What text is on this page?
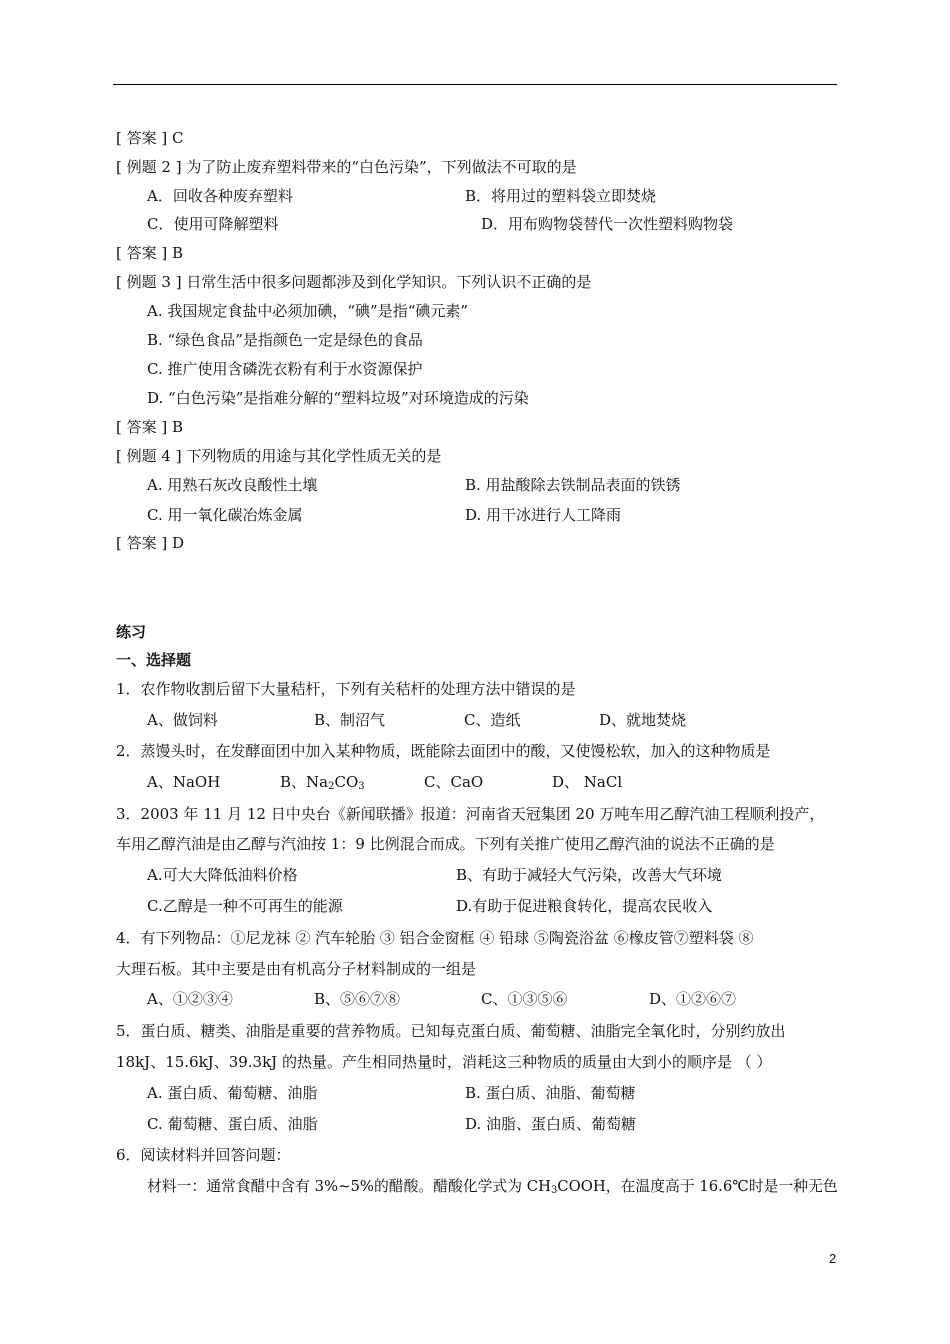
[ 答案 ] C
[ 例题 2 ] 为了防止废弃塑料带来的“白色污染”，下列做法不可取的是
A．回收各种废弃塑料	B．将用过的塑料袋立即焚烧
C．使用可降解塑料	D．用布购物袋替代一次性塑料购物袋
[ 答案 ] B
[ 例题 3 ] 日常生活中很多问题都涉及到化学知识。下列认识不正确的是
A. 我国规定食盐中必须加碘，“碘”是指“碘元素”
B. “绿色食品”是指颜色一定是绿色的食品
C. 推广使用含磷洗衣粉有利于水资源保护
D. “白色污染”是指难分解的“塑料垃圾”对环境造成的污染
[ 答案 ] B
[ 例题 4 ] 下列物质的用途与其化学性质无关的是
A. 用熟石灰改良酸性土壤	B. 用盐酸除去铁制品表面的铁锈
C. 用一氧化碳冶炼金属	D. 用干冰进行人工降雨
[ 答案 ] D
练习
一、选择题
1．农作物收割后留下大量秸杆，下列有关秸杆的处理方法中错误的是
A、做饲料	B、制沼气	C、造纸	D、就地焚烧
2．蒸馒头时，在发酵面团中加入某种物质，既能除去面团中的酸，又使馒松软，加入的这种物质是
A、NaOH	B、$Na_2CO_3$	C、CaO	D、 NaCl
3．2003 年 11 月 12 日中央台《新闻联播》报道：河南省天冠集团 20 万吨车用乙醇汽油工程顺利投产，
车用乙醇汽油是由乙醇与汽油按 1：9 比例混合而成。下列有关推广使用乙醇汽油的说法不正确的是
A.可大大降低油料价格	B、有助于减轻大气污染，改善大气环境
C.乙醇是一种不可再生的能源	D.有助于促进粮食转化，提高农民收入
4．有下列物品：①尼龙袜 ② 汽车轮胎 ③ 铝合金窗框 ④ 铅球 ⑤陶瓷浴盆 ⑥橡皮管⑦塑料袋 ⑧
大理石板。其中主要是由有机高分子材料制成的一组是
A、①②③④	B、⑤⑥⑦⑧	C、①③⑤⑥	D、①②⑥⑦
5．蛋白质、糖类、油脂是重要的营养物质。已知每克蛋白质、葡萄糖、油脂完全氧化时，分别约放出
18kJ、15.6kJ、39.3kJ 的热量。产生相同热量时，消耗这三种物质的质量由大到小的顺序是 （ ）
A. 蛋白质、葡萄糖、油脂	B. 蛋白质、油脂、葡萄糖
C. 葡萄糖、蛋白质、油脂	D. 油脂、蛋白质、葡萄糖
6．阅读材料并回答问题：
材料一：通常食醋中含有 3%~5%的醋酸。醋酸化学式为 $CH_3COOH$，在温度高于 16.6℃时是一种无色
2
